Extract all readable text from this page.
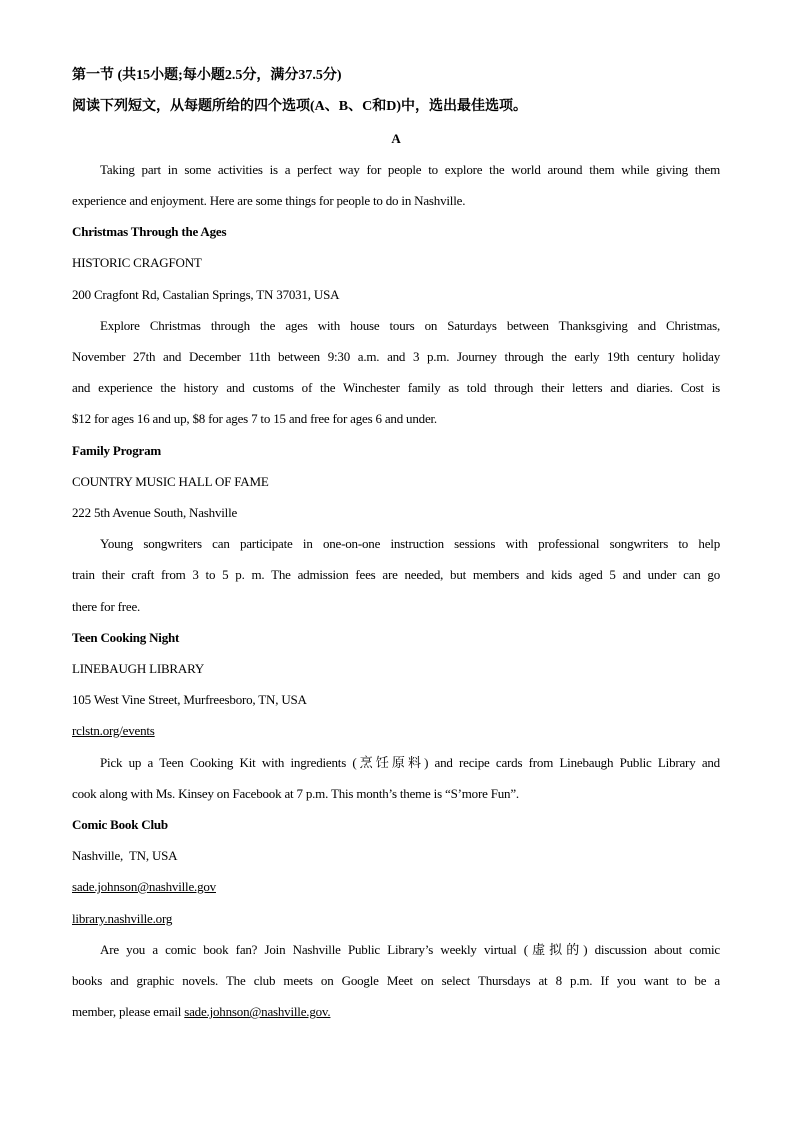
第一节 (共15小题;每小题2.5分，满分37.5分)
阅读下列短文，从每题所给的四个选项(A、B、C和D)中，选出最佳选项。
A
Taking part in some activities is a perfect way for people to explore the world around them while giving them
experience and enjoyment. Here are some things for people to do in Nashville.
Christmas Through the Ages
HISTORIC CRAGFONT
200 Cragfont Rd, Castalian Springs, TN 37031, USA
Explore Christmas through the ages with house tours on Saturdays between Thanksgiving and Christmas,
November 27th and December 11th between 9:30 a.m. and 3 p.m. Journey through the early 19th century holiday
and experience the history and customs of the Winchester family as told through their letters and diaries. Cost is
$12 for ages 16 and up, $8 for ages 7 to 15 and free for ages 6 and under.
Family Program
COUNTRY MUSIC HALL OF FAME
222 5th Avenue South, Nashville
Young songwriters can participate in one-on-one instruction sessions with professional songwriters to help
train their craft from 3 to 5 p. m. The admission fees are needed, but members and kids aged 5 and under can go
there for free.
Teen Cooking Night
LINEBAUGH LIBRARY
105 West Vine Street, Murfreesboro, TN, USA
rclstn.org/events
Pick up a Teen Cooking Kit with ingredients (烹饪原料) and recipe cards from Linebaugh Public Library and
cook along with Ms. Kinsey on Facebook at 7 p.m. This month’s theme is “S’more Fun”.
Comic Book Club
Nashville,  TN, USA
sade.johnson@nashville.gov
library.nashville.org
Are you a comic book fan? Join Nashville Public Library’s weekly virtual (虚拟的) discussion about comic
books and graphic novels. The club meets on Google Meet on select Thursdays at 8 p.m. If you want to be a
member, please email sade.johnson@nashville.gov.
